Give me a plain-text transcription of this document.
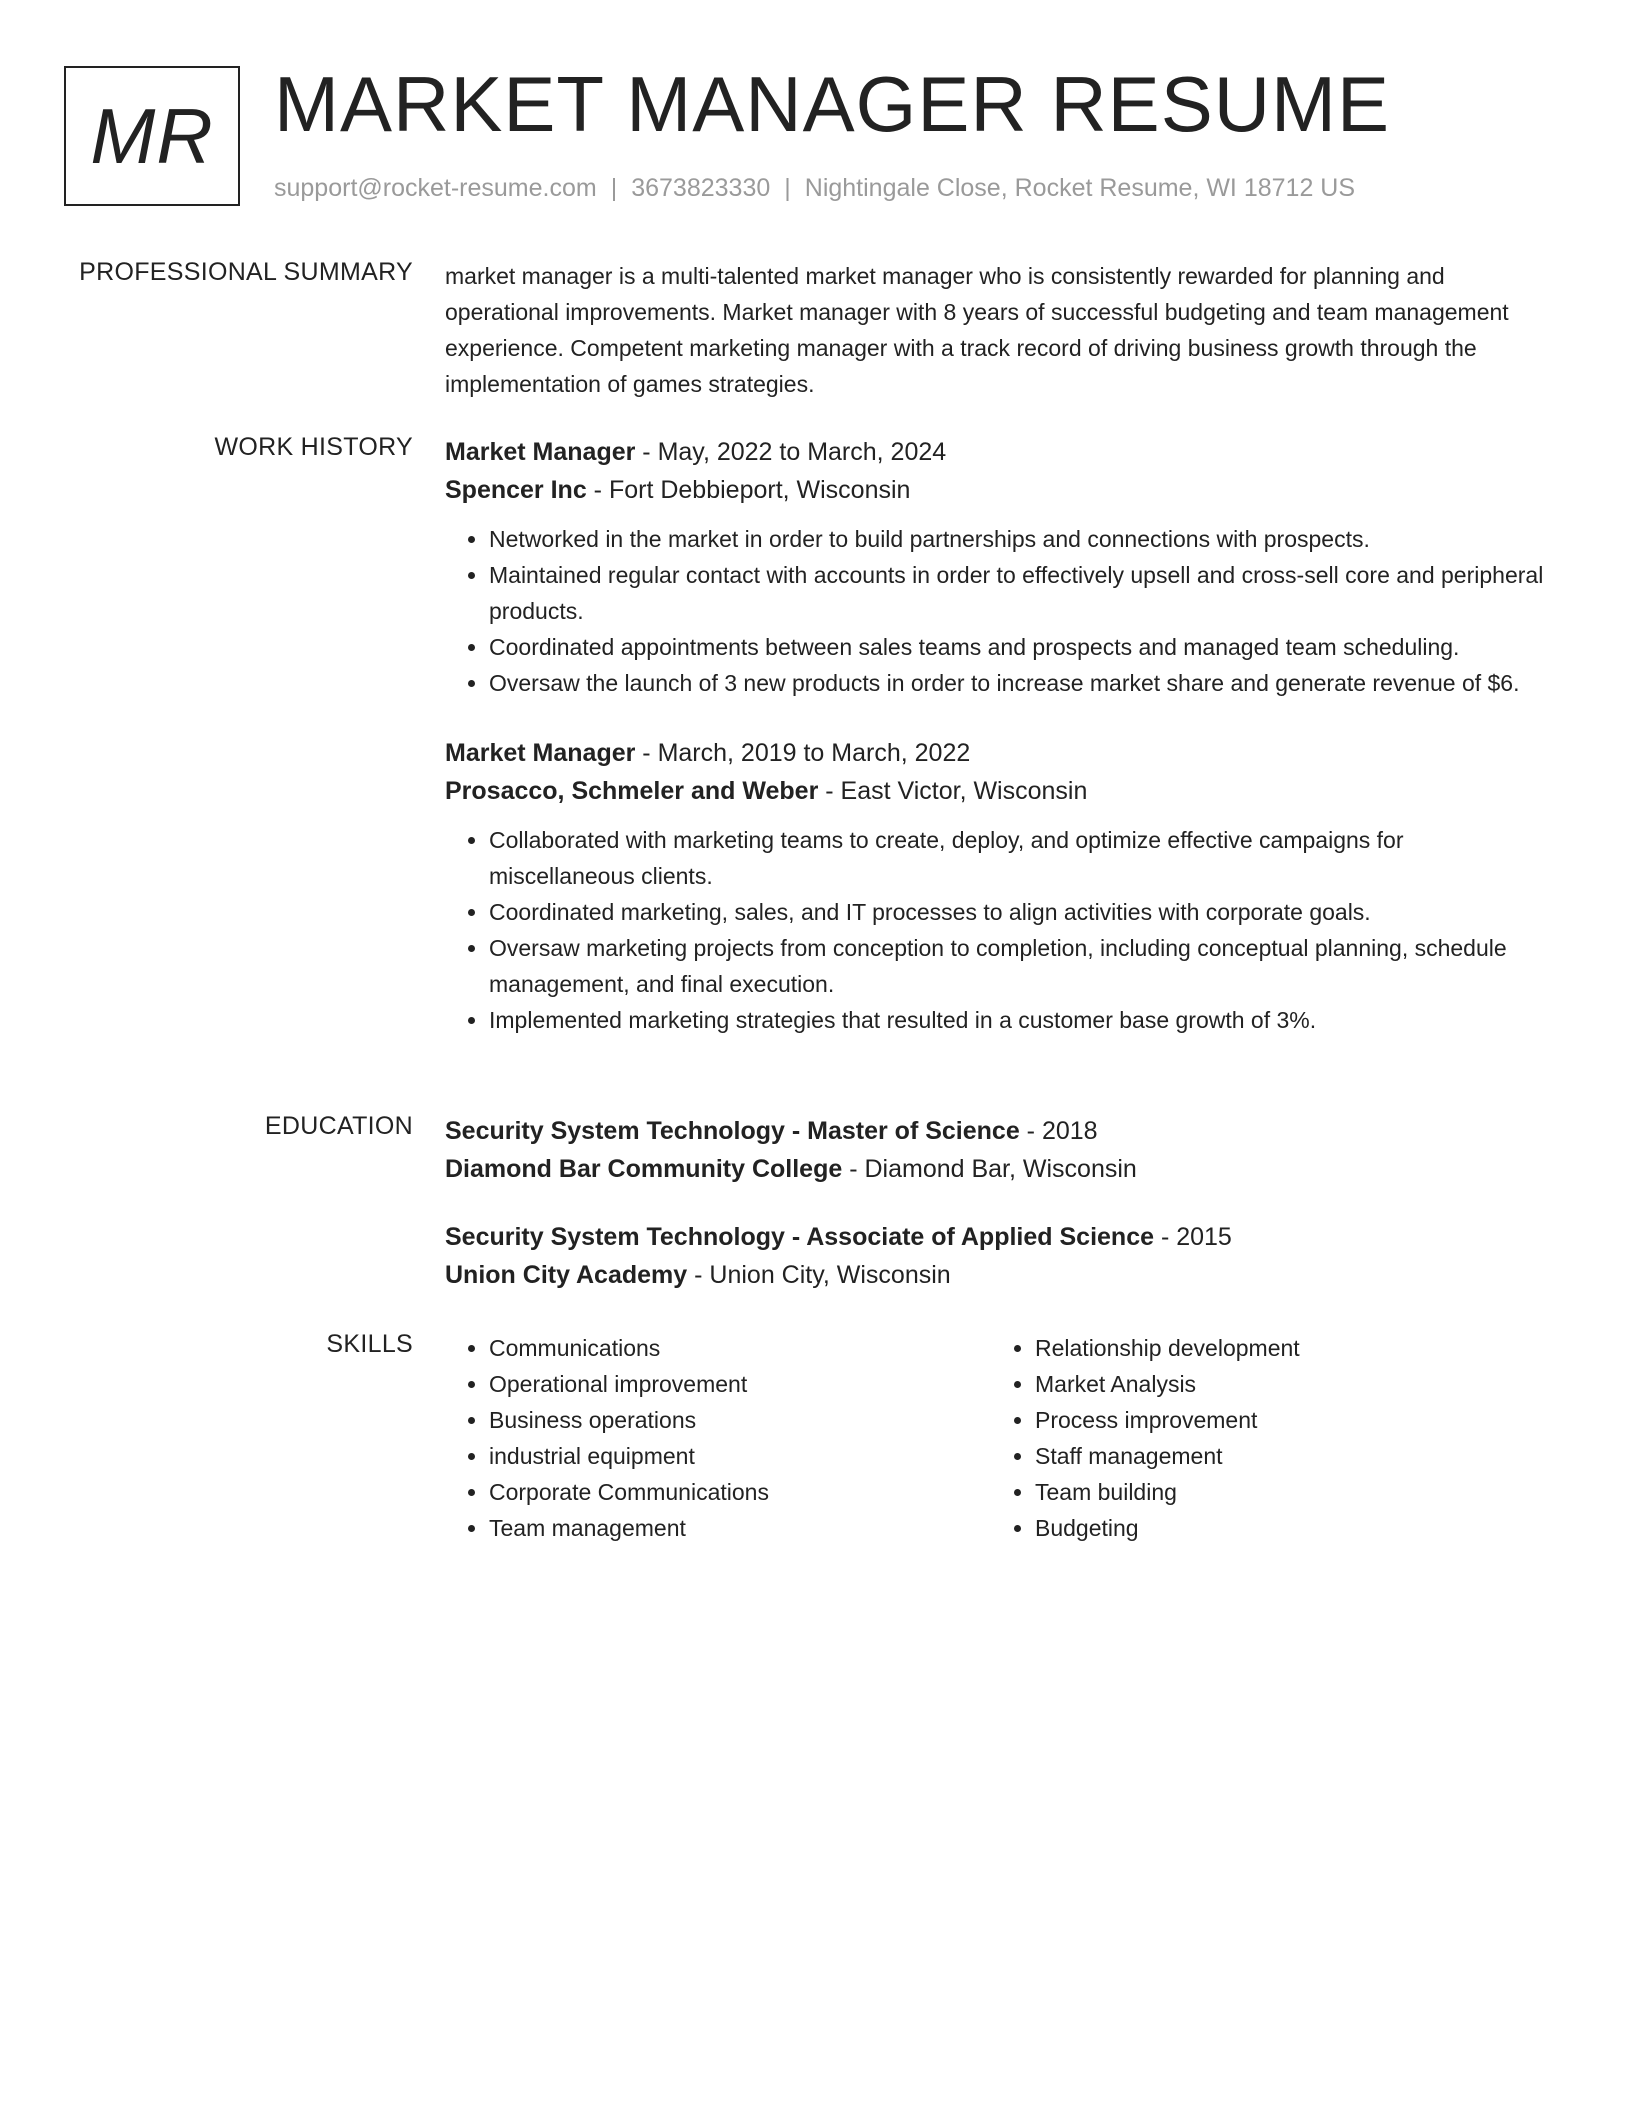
MR MARKET MANAGER RESUME
support@rocket-resume.com | 3673823330 | Nightingale Close, Rocket Resume, WI 18712 US
PROFESSIONAL SUMMARY market manager is a multi-talented market manager who is consistently rewarded for planning and operational improvements. Market manager with 8 years of successful budgeting and team management experience. Competent marketing manager with a track record of driving business growth through the implementation of games strategies.

WORK HISTORY Market Manager - May, 2022 to March, 2024
Spencer Inc - Fort Debbieport, Wisconsin
• Networked in the market in order to build partnerships and connections with prospects.
• Maintained regular contact with accounts in order to effectively upsell and cross-sell core and peripheral products.
• Coordinated appointments between sales teams and prospects and managed team scheduling.
• Oversaw the launch of 3 new products in order to increase market share and generate revenue of $6.
Market Manager - March, 2019 to March, 2022
Prosacco, Schmeler and Weber - East Victor, Wisconsin
• Collaborated with marketing teams to create, deploy, and optimize effective campaigns for miscellaneous clients.
• Coordinated marketing, sales, and IT processes to align activities with corporate goals.
• Oversaw marketing projects from conception to completion, including conceptual planning, schedule management, and final execution.
• Implemented marketing strategies that resulted in a customer base growth of 3%.
EDUCATION Security System Technology - Master of Science - 2018
Diamond Bar Community College - Diamond Bar, Wisconsin
Security System Technology - Associate of Applied Science - 2015
Union City Academy - Union City, Wisconsin
SKILLS
•	Communications
• Operational improvement
• Business operations
• industrial equipment
• Corporate Communications
• Team management
• Relationship development
• Market Analysis
• Process improvement
• Staff management
• Team building
• Budgeting
